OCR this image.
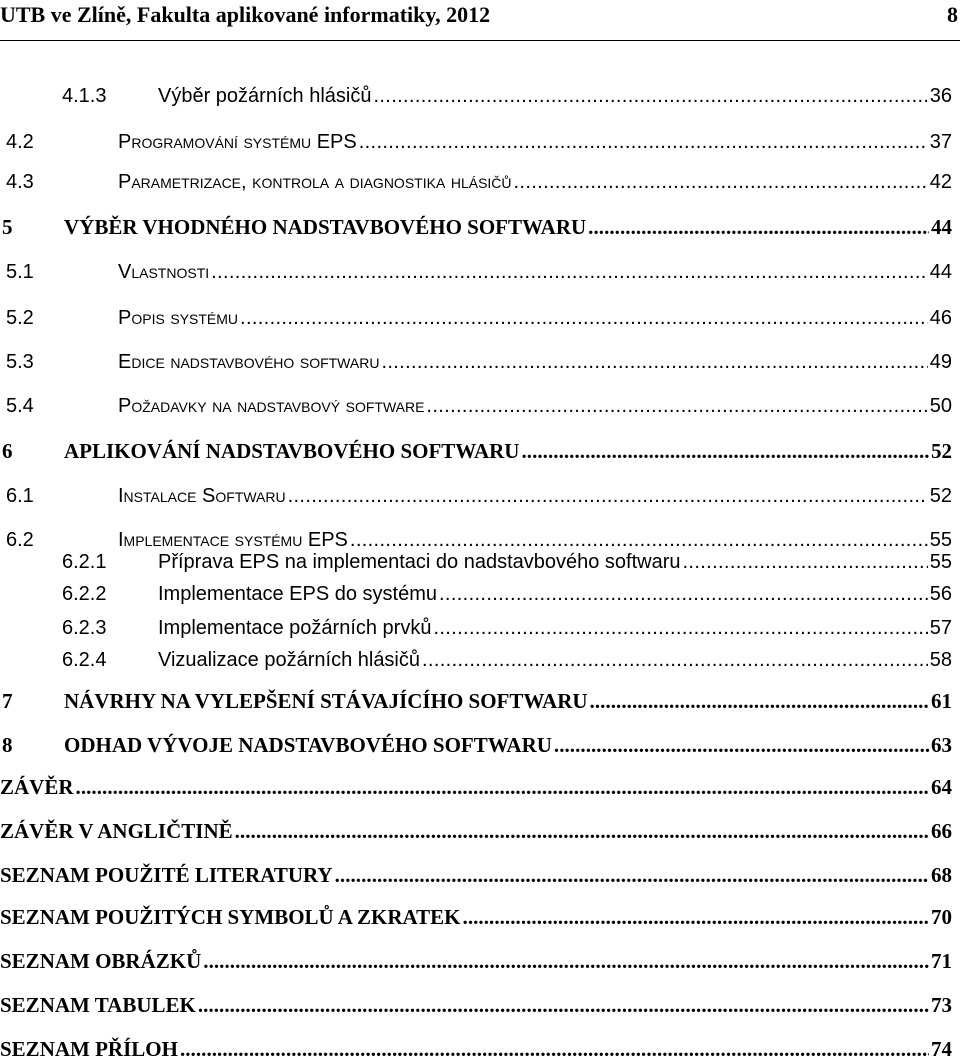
UTB ve Zlíně, Fakulta aplikované informatiky, 2012	8
4.1.3	Výběr požárních hlásičů . . .	36
4.2	Programování systému EPS . . .	37
4.3	Parametrizace, kontrola a diagnostika hlásičů . . .	42
5	VÝBĚR VHODNÉHO NADSTAVBOVÉHO SOFTWARU . . .	44
5.1	Vlastnosti . . .	44
5.2	Popis systému . . .	46
5.3	Edice nadstavbového softwaru . . .	49
5.4	Požadavky na nadstavbový software . . .	50
6	APLIKOVÁNÍ NADSTAVBOVÉHO SOFTWARU . . .	52
6.1	Instalace Softwaru . . .	52
6.2	Implementace systému EPS . . .	55
6.2.1	Příprava EPS na implementaci do nadstavbového softwaru . . .	55
6.2.2	Implementace EPS do systému . . .	56
6.2.3	Implementace požárních prvků . . .	57
6.2.4	Vizualizace požárních hlásičů . . .	58
7	NÁVRHY NA VYLEPŠENÍ STÁVAJÍCÍHO SOFTWARU . . .	61
8	ODHAD VÝVOJE NADSTAVBOVÉHO SOFTWARU . . .	63
ZÁVĚR . . .	64
ZÁVĚR V ANGLIČTINĚ . . .	66
SEZNAM POUŽITÉ LITERATURY . . .	68
SEZNAM POUŽITÝCH SYMBOLŮ A ZKRATEK . . .	70
SEZNAM OBRÁZKŮ . . .	71
SEZNAM TABULEK . . .	73
SEZNAM PŘÍLOH . . .	74
